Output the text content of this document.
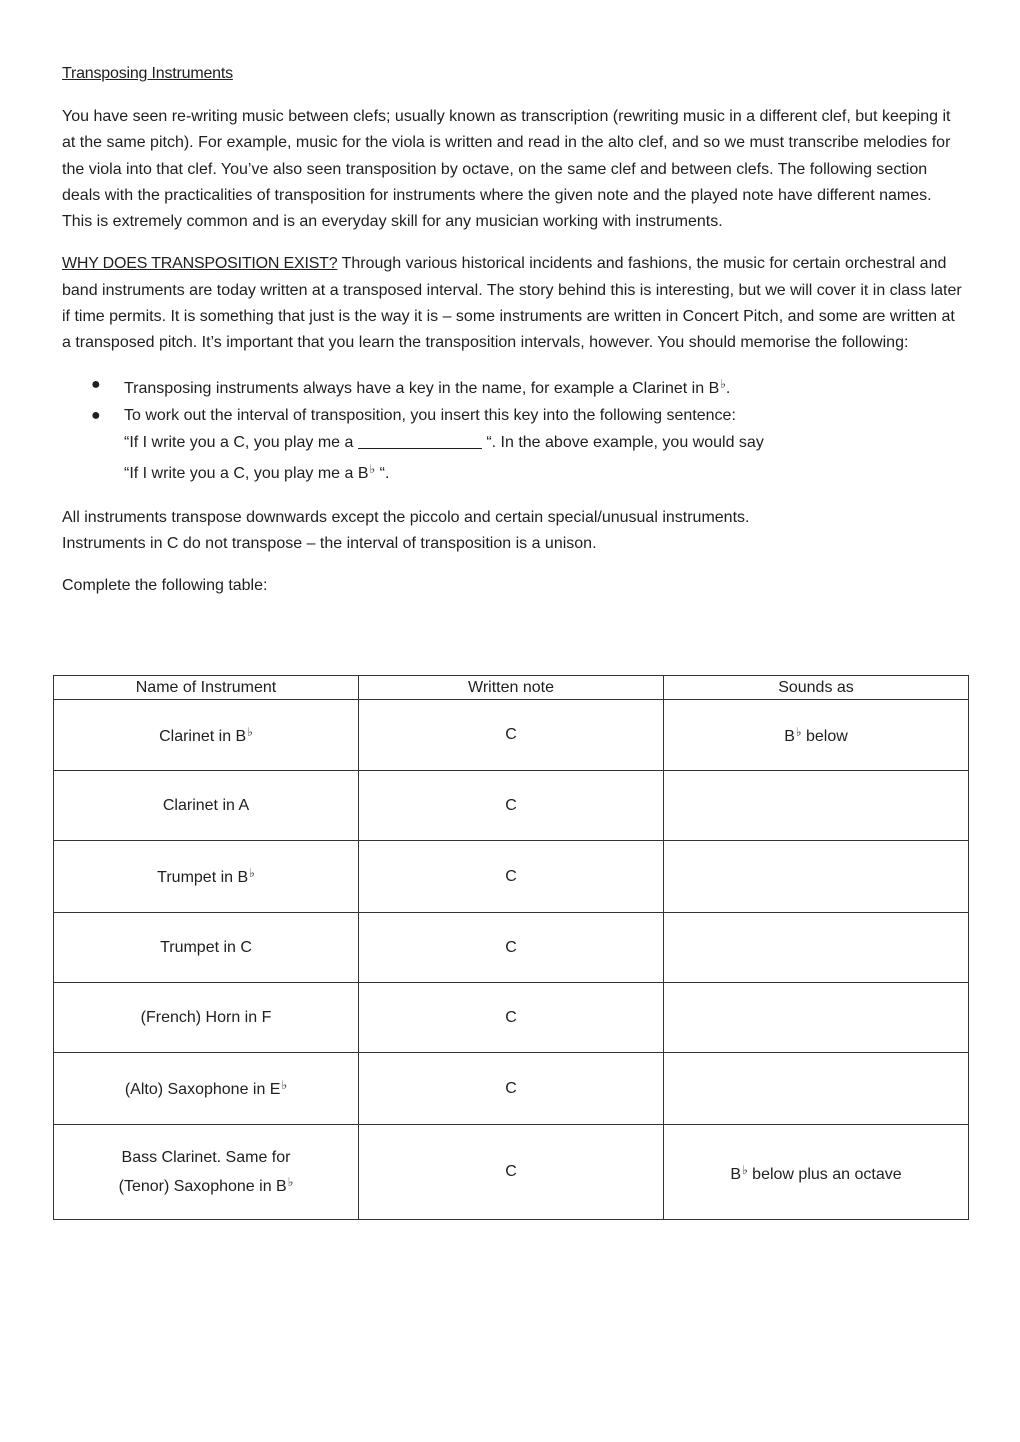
Transposing Instruments

You have seen re-writing music between clefs; usually known as transcription (rewriting music in a different clef, but keeping it at the same pitch). For example, music for the viola is written and read in the alto clef, and so we must transcribe melodies for the viola into that clef. You’ve also seen transposition by octave, on the same clef and between clefs. The following section deals with the practicalities of transposition for instruments where the given note and the played note have different names. This is extremely common and is an everyday skill for any musician working with instruments.

WHY DOES TRANSPOSITION EXIST? Through various historical incidents and fashions, the music for certain orchestral and band instruments are today written at a transposed interval. The story behind this is interesting, but we will cover it in class later if time permits. It is something that just is the way it is – some instruments are written in Concert Pitch, and some are written at a transposed pitch. It’s important that you learn the transposition intervals, however. You should memorise the following:

● Transposing instruments always have a key in the name, for example a Clarinet in B♭.
● To work out the interval of transposition, you insert this key into the following sentence:
“If I write you a C, you play me a	“. In the above example, you would say
“If I write you a C, you play me a B♭ “.

All instruments transpose downwards except the piccolo and certain special/unusual instruments.
Instruments in C do not transpose – the interval of transposition is a unison.

Complete the following table:

Name of Instrument	Written note	Sounds as
Clarinet in B♭	C	B♭ below
Clarinet in A	C	
Trumpet in B♭	C	
Trumpet in C	C	
(French) Horn in F	C	
(Alto) Saxophone in E♭	C	
Bass Clarinet. Same for
(Tenor) Saxophone in B♭	C	B♭ below plus an octave
